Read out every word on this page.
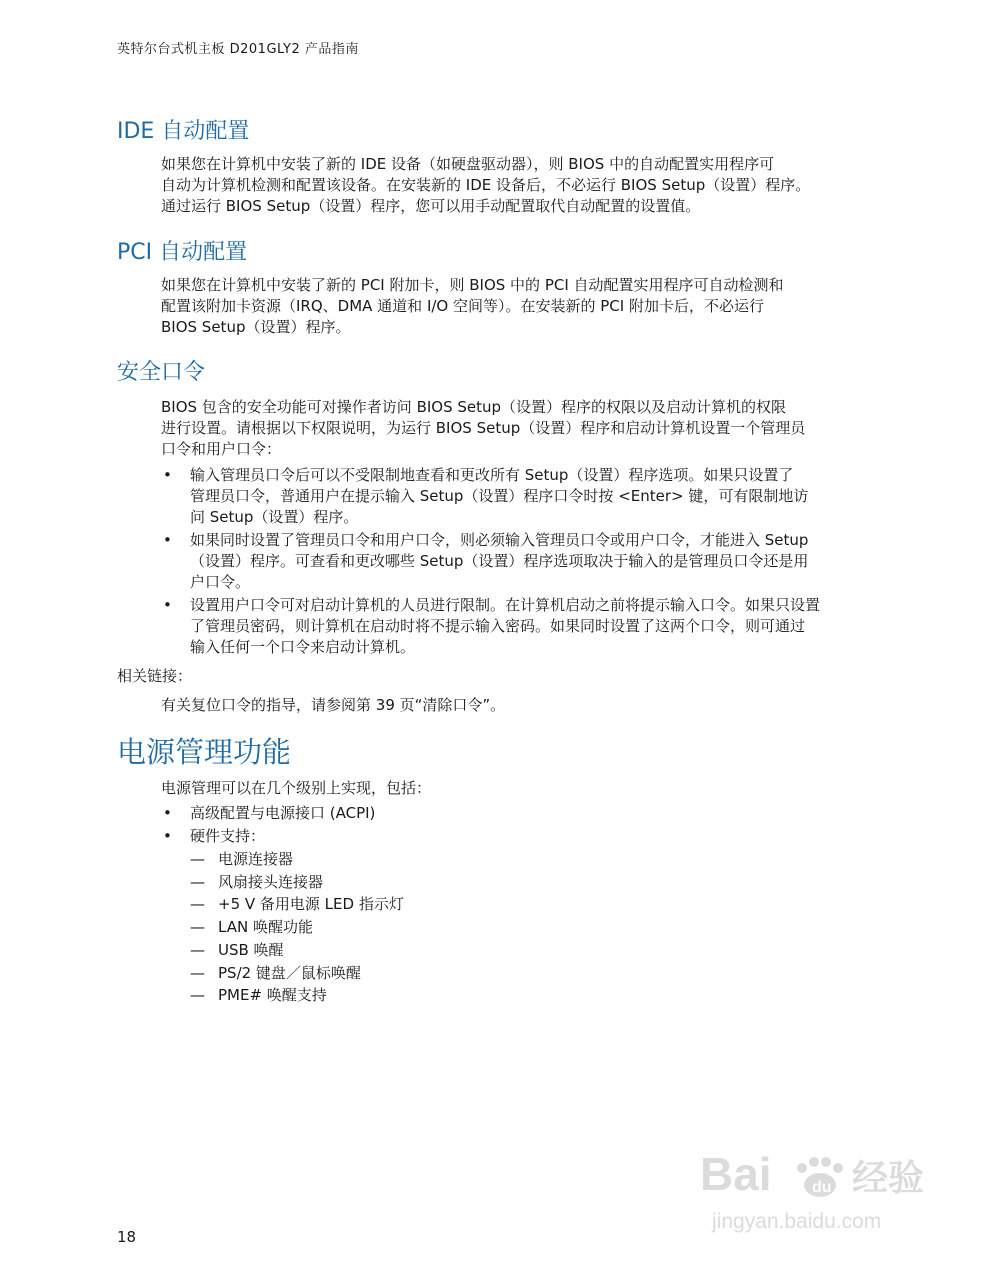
英特尔台式机主板 D201GLY2 产品指南
IDE 自动配置
如果您在计算机中安装了新的 IDE 设备（如硬盘驱动器），则 BIOS 中的自动配置实用程序可
自动为计算机检测和配置该设备。在安装新的 IDE 设备后，不必运行 BIOS Setup（设置）程序。
通过运行 BIOS Setup（设置）程序，您可以用手动配置取代自动配置的设置值。
PCI 自动配置
如果您在计算机中安装了新的 PCI 附加卡，则 BIOS 中的 PCI 自动配置实用程序可自动检测和
配置该附加卡资源（IRQ、DMA 通道和 I/O 空间等）。在安装新的 PCI 附加卡后，不必运行
BIOS Setup（设置）程序。
安全口令
BIOS 包含的安全功能可对操作者访问 BIOS Setup（设置）程序的权限以及启动计算机的权限
进行设置。请根据以下权限说明，为运行 BIOS Setup（设置）程序和启动计算机设置一个管理员
口令和用户口令：
• 输入管理员口令后可以不受限制地查看和更改所有 Setup（设置）程序选项。如果只设置了
管理员口令，普通用户在提示输入 Setup（设置）程序口令时按 <Enter> 键，可有限制地访
问 Setup（设置）程序。
• 如果同时设置了管理员口令和用户口令，则必须输入管理员口令或用户口令，才能进入 Setup
（设置）程序。可查看和更改哪些 Setup（设置）程序选项取决于输入的是管理员口令还是用
户口令。
• 设置用户口令可对启动计算机的人员进行限制。在计算机启动之前将提示输入口令。如果只设置
了管理员密码，则计算机在启动时将不提示输入密码。如果同时设置了这两个口令，则可通过
输入任何一个口令来启动计算机。
相关链接：
有关复位口令的指导，请参阅第 39 页“清除口令”。
电源管理功能
电源管理可以在几个级别上实现，包括：
• 高级配置与电源接口 (ACPI)
• 硬件支持：
— 电源连接器
— 风扇接头连接器
— +5 V 备用电源 LED 指示灯
— LAN 唤醒功能
— USB 唤醒
— PS/2 键盘／鼠标唤醒
— PME# 唤醒支持
Bai	du 经验
jingyan.baidu.com
18
